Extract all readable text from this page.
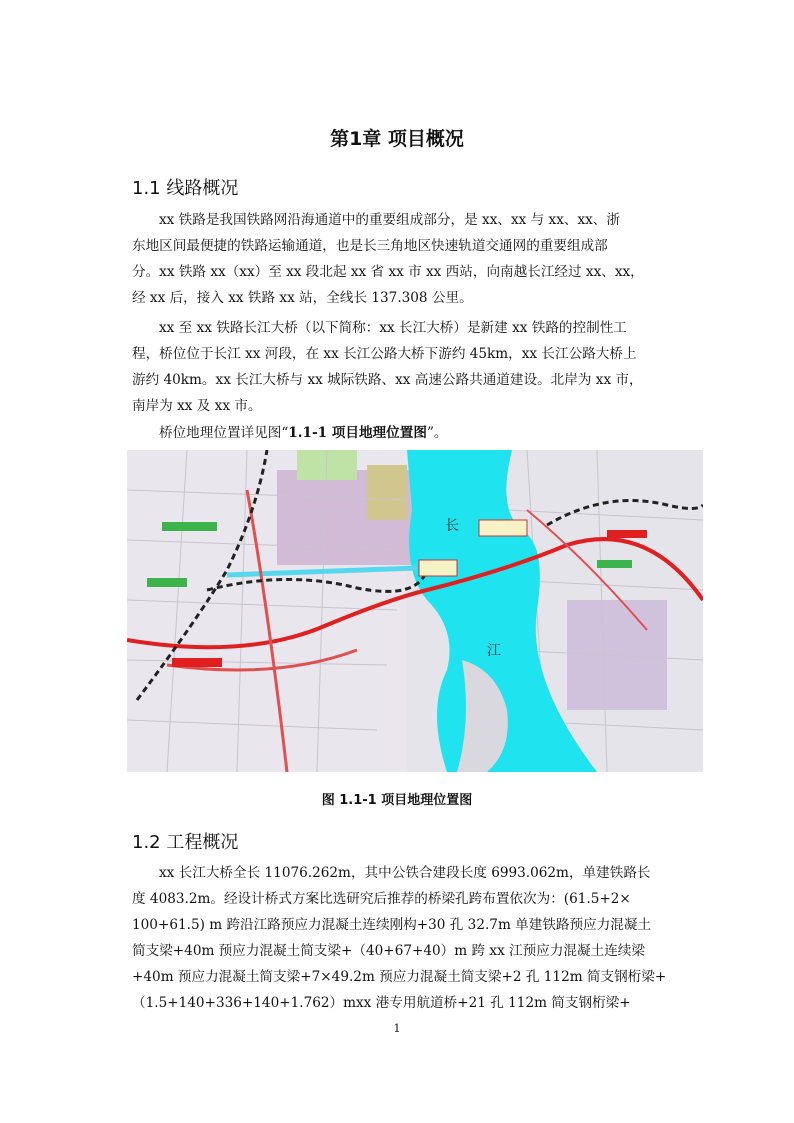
第1章 项目概况
1.1 线路概况

xx 铁路是我国铁路网沿海通道中的重要组成部分，是 xx、xx 与 xx、xx、浙
东地区间最便捷的铁路运输通道，也是长三角地区快速轨道交通网的重要组成部
分。xx 铁路 xx（xx）至 xx 段北起 xx 省 xx 市 xx 西站，向南越长江经过 xx、xx，
经 xx 后，接入 xx 铁路 xx 站，全线长 137.308 公里。

xx 至 xx 铁路长江大桥（以下简称：xx 长江大桥）是新建 xx 铁路的控制性工
程，桥位位于长江 xx 河段，在 xx 长江公路大桥下游约 45km，xx 长江公路大桥上
游约 40km。xx 长江大桥与 xx 城际铁路、xx 高速公路共通道建设。北岸为 xx 市，
南岸为 xx 及 xx 市。

桥位地理位置详见图“1.1-1 项目地理位置图”。

长
江
图 1.1-1 项目地理位置图
1.2 工程概况

xx 长江大桥全长 11076.262m，其中公铁合建段长度 6993.062m，单建铁路长
度 4083.2m。经设计桥式方案比选研究后推荐的桥梁孔跨布置依次为：(61.5+2×
100+61.5) m 跨沿江路预应力混凝土连续刚构+30 孔 32.7m 单建铁路预应力混凝土
简支梁+40m 预应力混凝土简支梁+（40+67+40）m 跨 xx 江预应力混凝土连续梁
+40m 预应力混凝土简支梁+7×49.2m 预应力混凝土简支梁+2 孔 112m 简支钢桁梁+
（1.5+140+336+140+1.762）mxx 港专用航道桥+21 孔 112m 简支钢桁梁+

1
